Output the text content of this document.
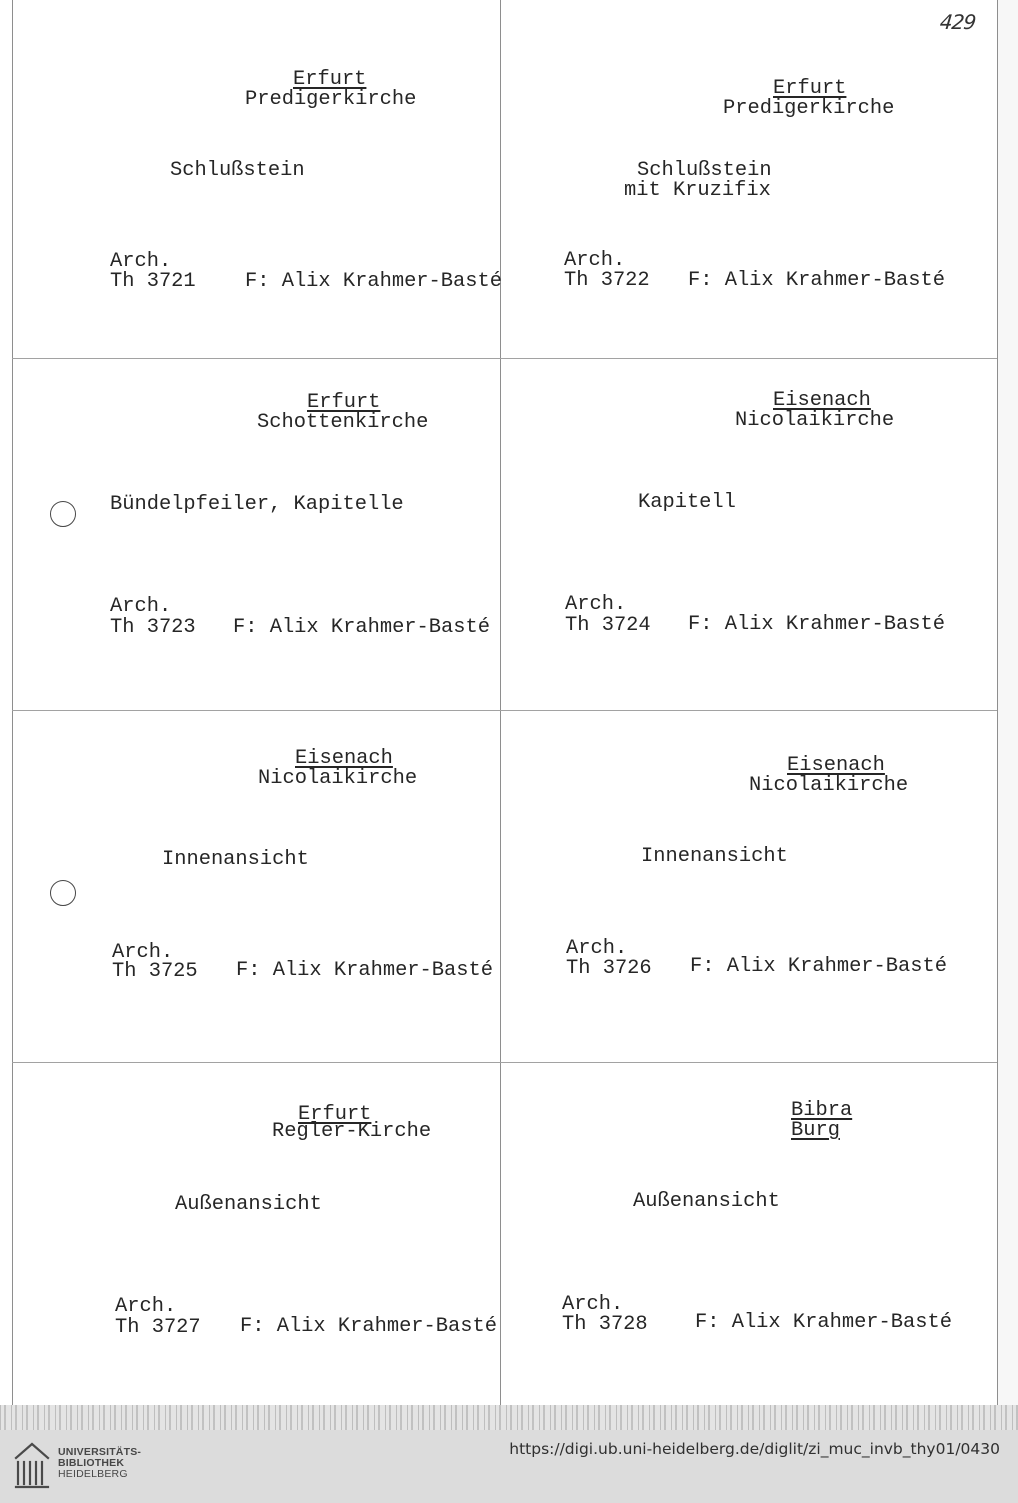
429
Erfurt
Predigerkirche
Schlußstein
Arch.
Th 3721 F: Alix Krahmer-Basté
Erfurt
Predigerkirche
Schlußstein
mit Kruzifix
Arch.
Th 3722 F: Alix Krahmer-Basté
Erfurt
Schottenkirche
Bündelpfeiler, Kapitelle
Arch.
Th 3723 F: Alix Krahmer-Basté
Eisenach
Nicolaikirche
Kapitell
Arch.
Th 3724 F: Alix Krahmer-Basté
Eisenach
Nicolaikirche
Innenansicht
Arch.
Th 3725 F: Alix Krahmer-Basté
Eisenach
Nicolaikirche
Innenansicht
Arch.
Th 3726 F: Alix Krahmer-Basté
Erfurt
Regler-Kirche
Außenansicht
Arch.
Th 3727 F: Alix Krahmer-Basté
Bibra
Burg
Außenansicht
Arch.
Th 3728 F: Alix Krahmer-Basté
UNIVERSITÄTS-
BIBLIOTHEK
HEIDELBERG
https://digi.ub.uni-heidelberg.de/diglit/zi_muc_invb_thy01/0430
